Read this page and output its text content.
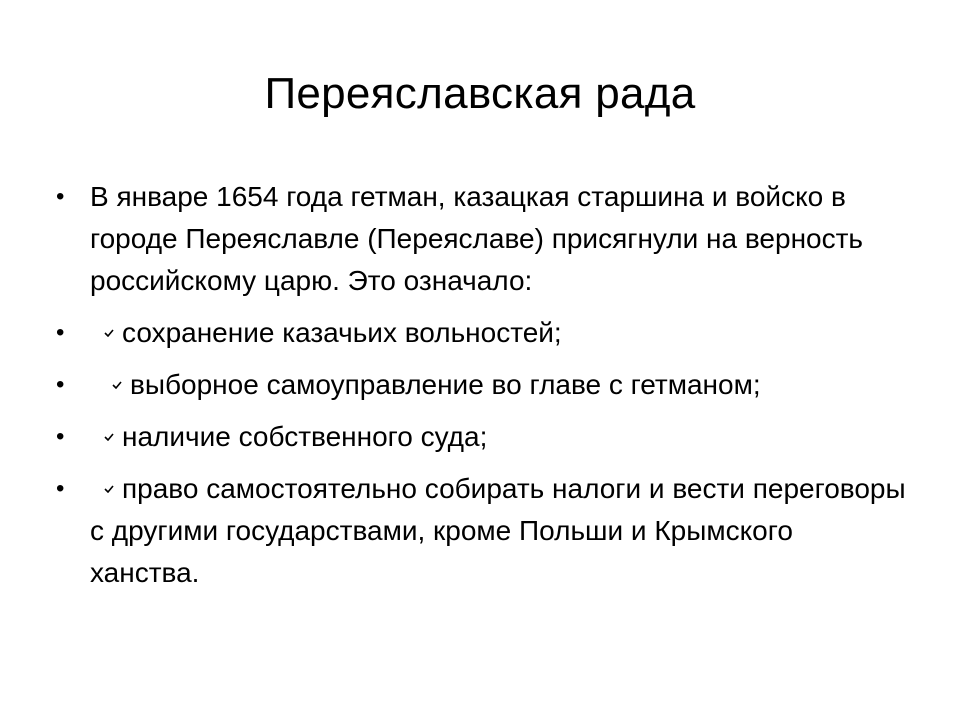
Переяславская рада
• В январе 1654 года гетман, казацкая старшина и войско в городе Переяславле (Переяславе) присягнули на верность российскому царю. Это означало:
•	сохранение казачьих вольностей;
•	выборное самоуправление во главе с гетманом;
•	наличие собственного суда;
•	право самостоятельно собирать налоги и вести переговоры с другими государствами, кроме Польши и Крымского ханства.
